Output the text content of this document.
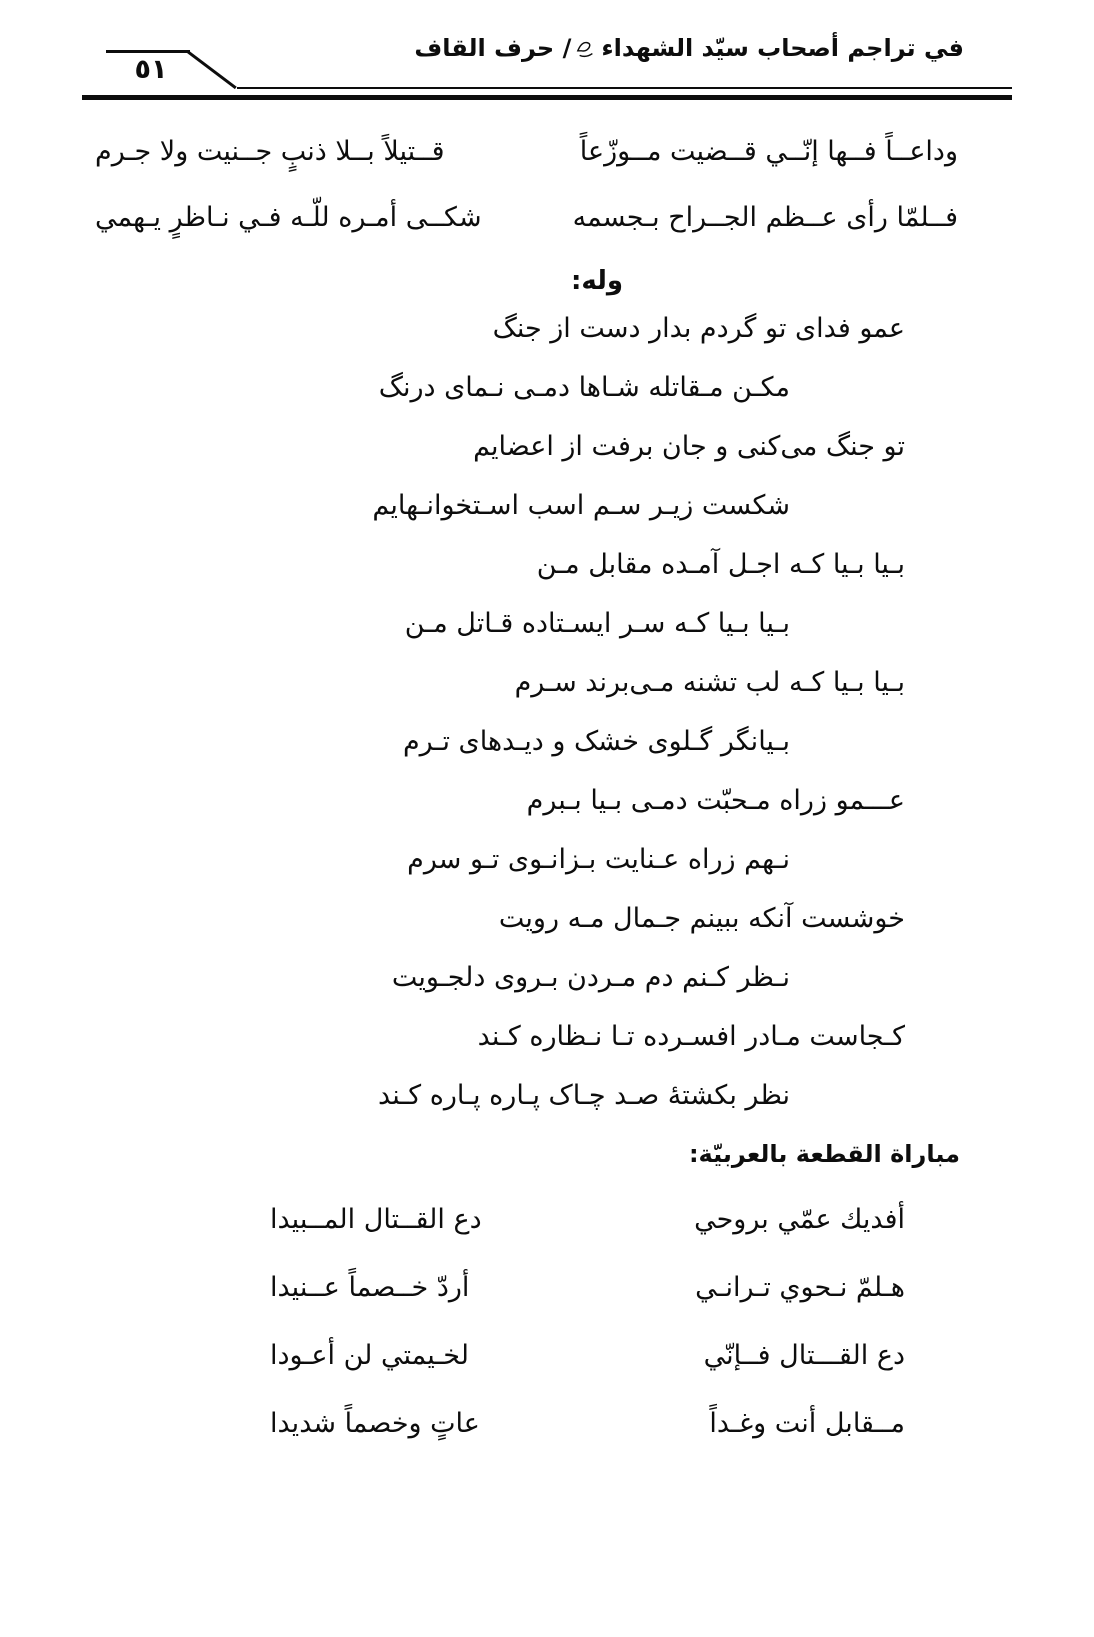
في تراجم أصحاب سيّد الشهداء/ حرف القاف
٥١
وداعــاً فــها إنّــي قــضيت مــوزّعاً
قــتيلاً بــلا ذنبٍ جــنيت ولا جـرم
فــلمّا رأى عــظم الجــراح بـجسمه
شكــى أمـره للّـه فـي نـاظرٍ يـهمي
وله:
عمو فدای تو گردم بدار دست از جنگ
مکـن مـقاتله شـاها دمـی نـمای درنگ
تو جنگ می‌کنی و جان برفت از اعضایم
شکست زیـر سـم اسب اسـتخوانـهایم
بـیا بـیا کـه اجـل آمـده مقابل مـن
بـیا بـیا کـه سـر ایسـتاده قـاتل مـن
بـیا بـیا کـه لب تشنه مـی‌برند سـرم
بـیانگر گـلوی خشک و دیـدهای تـرم
عـــمو زراه مـحبّت دمـی بـیا بـبرم
نـهم زراه عـنایت بـزانـوی تـو سرم
خوشست آنکه ببینم جـمال مـه رویت
نـظر کـنم دم مـردن بـروی دلجـویت
کـجاست مـادر افسـرده تـا نـظاره کـند
نظر بکشتهٔ صـد چـاک پـاره پـاره کـند
مباراة القطعة بالعربيّة:
أفديك عمّي بروحي
دع القــتال المــبيدا
هـلمّ نـحوي تـرانـي
أردّ خــصماً عــنيدا
دع القـــتال فــإنّي
لخـيمتي لن أعـودا
مــقابل أنت وغـداً
عاتٍ وخصماً شديدا
